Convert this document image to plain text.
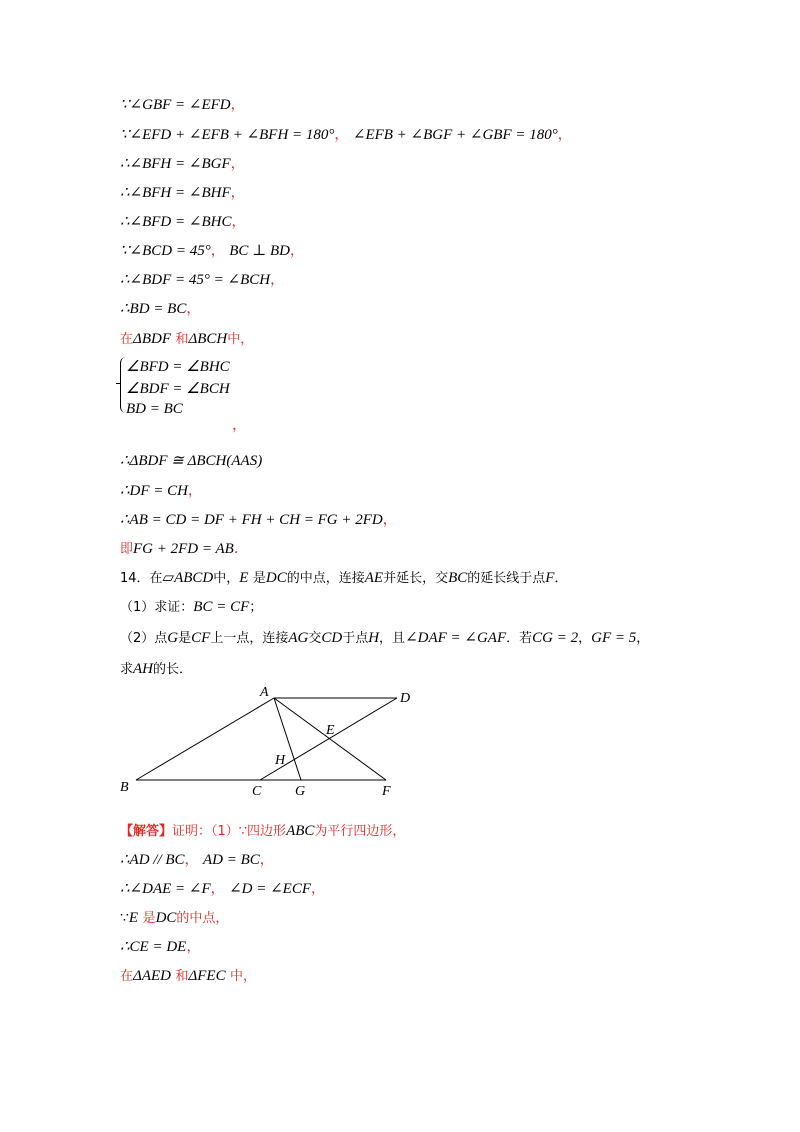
∵∠GBF = ∠EFD，
∵∠EFD + ∠EFB + ∠BFH = 180°， ∠EFB + ∠BGF + ∠GBF = 180°，
∴∠BFH = ∠BGF，
∴∠BFH = ∠BHF，
∴∠BFD = ∠BHC，
∵∠BCD = 45°， BC ⊥ BD，
∴∠BDF = 45° = ∠BCH，
∴BD = BC，
在ΔBDF 和ΔBCH中，
∠BFD = ∠BHC
∠BDF = ∠BCH
BD = BC
，
∴ΔBDF ≅ ΔBCH(AAS)
∴DF = CH，
∴AB = CD = DF + FH + CH = FG + 2FD，
即FG + 2FD = AB．
14．在▱ABCD中，E 是DC的中点，连接AE并延长，交BC的延长线于点F．
（1）求证：BC = CF；
（2）点G是CF上一点，连接AG交CD于点H，且∠DAF = ∠GAF．若CG = 2，GF = 5，
求AH的长．
A	D
E
H
B	C G	F
【解答】证明：（1）∵四边形ABC为平行四边形，
∴AD // BC， AD = BC，
∴∠DAE = ∠F， ∠D = ∠ECF，
∵E 是DC的中点，
∴CE = DE，
在ΔAED 和ΔFEC 中，
